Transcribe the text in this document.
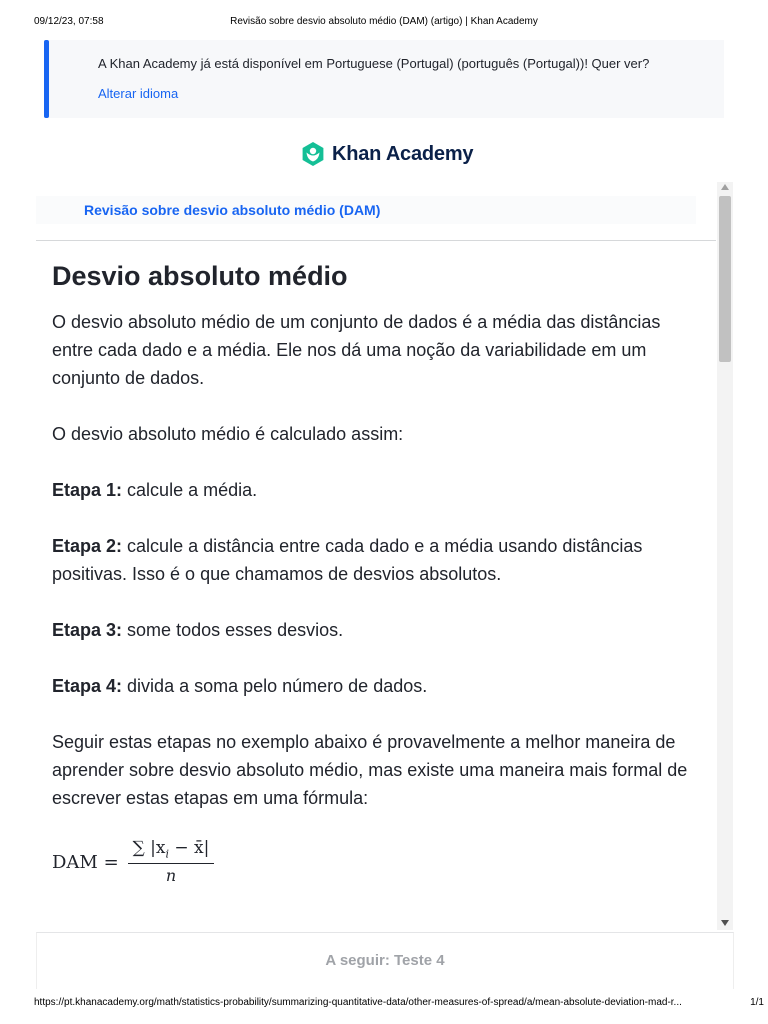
09/12/23, 07:58	Revisão sobre desvio absoluto médio (DAM) (artigo) | Khan Academy
A Khan Academy já está disponível em Portuguese (Portugal) (português (Portugal))! Quer ver?
Alterar idioma
Khan Academy
Revisão sobre desvio absoluto médio (DAM)
Desvio absoluto médio

O desvio absoluto médio de um conjunto de dados é a média das distâncias entre cada dado e a média. Ele nos dá uma noção da variabilidade em um conjunto de dados.

O desvio absoluto médio é calculado assim:

Etapa 1: calcule a média.

Etapa 2: calcule a distância entre cada dado e a média usando distâncias positivas. Isso é o que chamamos de desvios absolutos.

Etapa 3: some todos esses desvios.

Etapa 4: divida a soma pelo número de dados.

Seguir estas etapas no exemplo abaixo é provavelmente a melhor maneira de aprender sobre desvio absoluto médio, mas existe uma maneira mais formal de escrever estas etapas em uma fórmula:

DAM =
∑ $|x_i$ − x̄|
n
A seguir: Teste 4
https://pt.khanacademy.org/math/statistics-probability/summarizing-quantitative-data/other-measures-of-spread/a/mean-absolute-deviation-mad-r...	1/1
